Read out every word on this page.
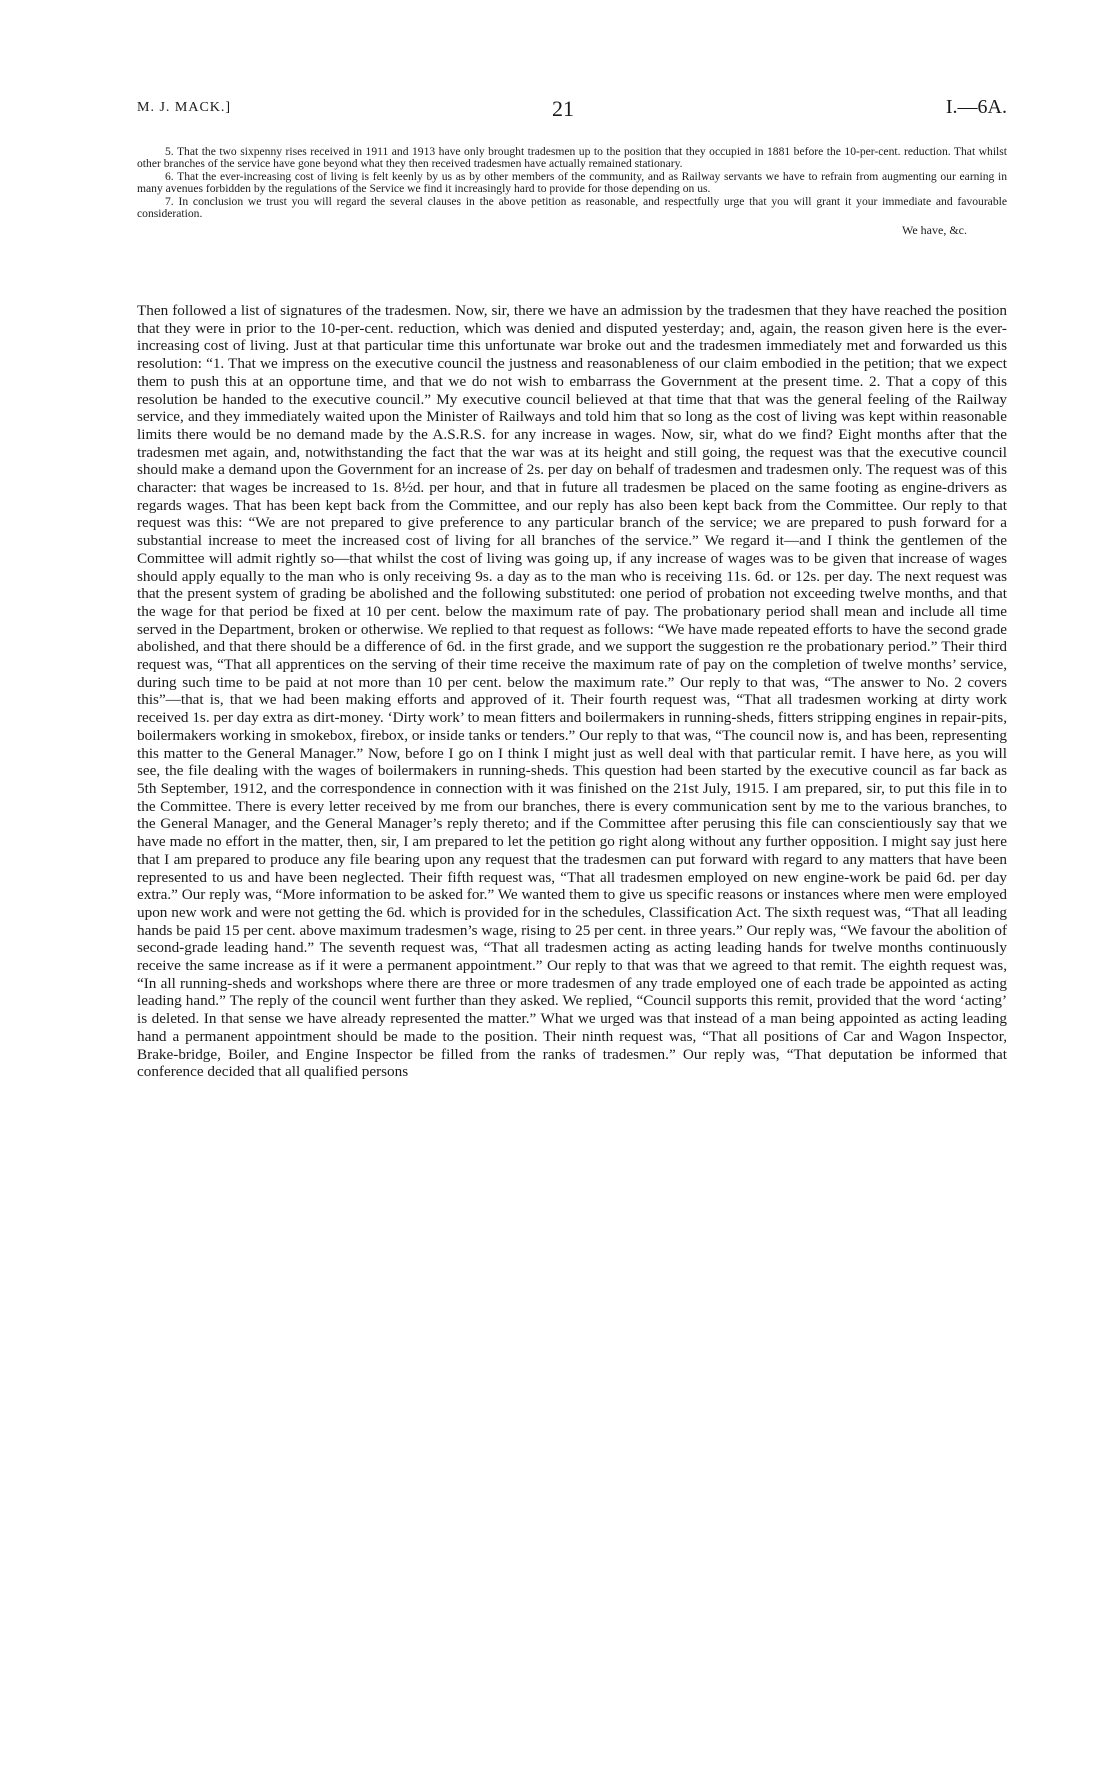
M. J. MACK.]	21	I.—6A.

5. That the two sixpenny rises received in 1911 and 1913 have only brought tradesmen up to the position that they occupied in 1881 before the 10-per-cent. reduction. That whilst other branches of the service have gone beyond what they then received tradesmen have actually remained stationary.

6. That the ever-increasing cost of living is felt keenly by us as by other members of the community, and as Railway servants we have to refrain from augmenting our earning in many avenues forbidden by the regulations of the Service we find it increasingly hard to provide for those depending on us.

7. In conclusion we trust you will regard the several clauses in the above petition as reasonable, and respectfully urge that you will grant it your immediate and favourable consideration.

We have, &c.

Then followed a list of signatures of the tradesmen. Now, sir, there we have an admission by the tradesmen that they have reached the position that they were in prior to the 10-per-cent. reduction, which was denied and disputed yesterday; and, again, the reason given here is the ever-increasing cost of living. Just at that particular time this unfortunate war broke out and the tradesmen immediately met and forwarded us this resolution: “1. That we impress on the executive council the justness and reasonableness of our claim embodied in the petition; that we expect them to push this at an opportune time, and that we do not wish to embarrass the Government at the present time. 2. That a copy of this resolution be handed to the executive council.” My executive council believed at that time that that was the general feeling of the Railway service, and they immediately waited upon the Minister of Railways and told him that so long as the cost of living was kept within reasonable limits there would be no demand made by the A.S.R.S. for any increase in wages. Now, sir, what do we find? Eight months after that the tradesmen met again, and, notwithstanding the fact that the war was at its height and still going, the request was that the executive council should make a demand upon the Government for an increase of 2s. per day on behalf of tradesmen and tradesmen only. The request was of this character: that wages be increased to 1s. 8½d. per hour, and that in future all tradesmen be placed on the same footing as engine-drivers as regards wages. That has been kept back from the Committee, and our reply has also been kept back from the Committee. Our reply to that request was this: “We are not prepared to give preference to any particular branch of the service; we are prepared to push forward for a substantial increase to meet the increased cost of living for all branches of the service.” We regard it—and I think the gentlemen of the Committee will admit rightly so—that whilst the cost of living was going up, if any increase of wages was to be given that increase of wages should apply equally to the man who is only receiving 9s. a day as to the man who is receiving 11s. 6d. or 12s. per day. The next request was that the present system of grading be abolished and the following substituted: one period of probation not exceeding twelve months, and that the wage for that period be fixed at 10 per cent. below the maximum rate of pay. The probationary period shall mean and include all time served in the Department, broken or otherwise. We replied to that request as follows: “We have made repeated efforts to have the second grade abolished, and that there should be a difference of 6d. in the first grade, and we support the suggestion re the probationary period.” Their third request was, “That all apprentices on the serving of their time receive the maximum rate of pay on the completion of twelve months’ service, during such time to be paid at not more than 10 per cent. below the maximum rate.” Our reply to that was, “The answer to No. 2 covers this”—that is, that we had been making efforts and approved of it. Their fourth request was, “That all tradesmen working at dirty work received 1s. per day extra as dirt-money. ‘Dirty work’ to mean fitters and boilermakers in running-sheds, fitters stripping engines in repair-pits, boilermakers working in smokebox, firebox, or inside tanks or tenders.” Our reply to that was, “The council now is, and has been, representing this matter to the General Manager.” Now, before I go on I think I might just as well deal with that particular remit. I have here, as you will see, the file dealing with the wages of boilermakers in running-sheds. This question had been started by the executive council as far back as 5th September, 1912, and the correspondence in connection with it was finished on the 21st July, 1915. I am prepared, sir, to put this file in to the Committee. There is every letter received by me from our branches, there is every communication sent by me to the various branches, to the General Manager, and the General Manager’s reply thereto; and if the Committee after perusing this file can conscientiously say that we have made no effort in the matter, then, sir, I am prepared to let the petition go right along without any further opposition. I might say just here that I am prepared to produce any file bearing upon any request that the tradesmen can put forward with regard to any matters that have been represented to us and have been neglected. Their fifth request was, “That all tradesmen employed on new engine-work be paid 6d. per day extra.” Our reply was, “More information to be asked for.” We wanted them to give us specific reasons or instances where men were employed upon new work and were not getting the 6d. which is provided for in the schedules, Classification Act. The sixth request was, “That all leading hands be paid 15 per cent. above maximum tradesmen’s wage, rising to 25 per cent. in three years.” Our reply was, “We favour the abolition of second-grade leading hand.” The seventh request was, “That all tradesmen acting as acting leading hands for twelve months continuously receive the same increase as if it were a permanent appointment.” Our reply to that was that we agreed to that remit. The eighth request was, “In all running-sheds and workshops where there are three or more tradesmen of any trade employed one of each trade be appointed as acting leading hand.” The reply of the council went further than they asked. We replied, “Council supports this remit, provided that the word ‘acting’ is deleted. In that sense we have already represented the matter.” What we urged was that instead of a man being appointed as acting leading hand a permanent appointment should be made to the position. Their ninth request was, “That all positions of Car and Wagon Inspector, Brake-bridge, Boiler, and Engine Inspector be filled from the ranks of tradesmen.” Our reply was, “That deputation be informed that conference decided that all qualified persons
